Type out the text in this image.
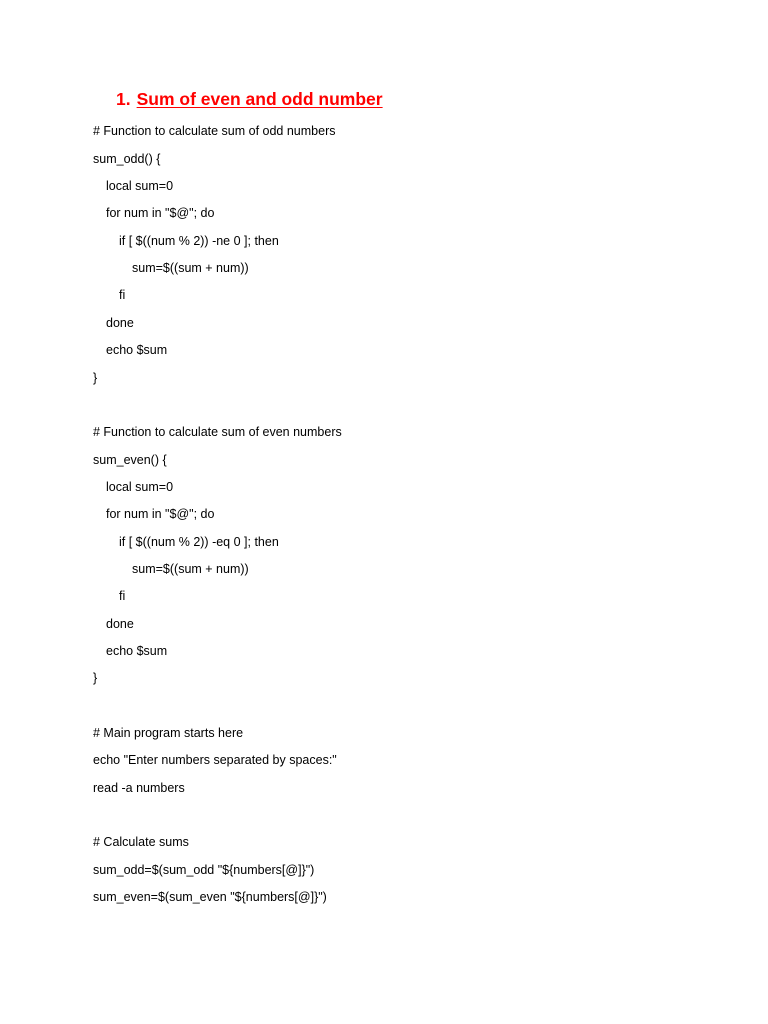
1. Sum of even and odd number
# Function to calculate sum of odd numbers
sum_odd() {
local sum=0
for num in "$@"; do
if [ $((num % 2)) -ne 0 ]; then
sum=$((sum + num))
fi
done
echo $sum
}
# Function to calculate sum of even numbers
sum_even() {
local sum=0
for num in "$@"; do
if [ $((num % 2)) -eq 0 ]; then
sum=$((sum + num))
fi
done
echo $sum
}
# Main program starts here
echo "Enter numbers separated by spaces:"
read -a numbers
# Calculate sums
sum_odd=$(sum_odd "${numbers[@]}")
sum_even=$(sum_even "${numbers[@]}")
